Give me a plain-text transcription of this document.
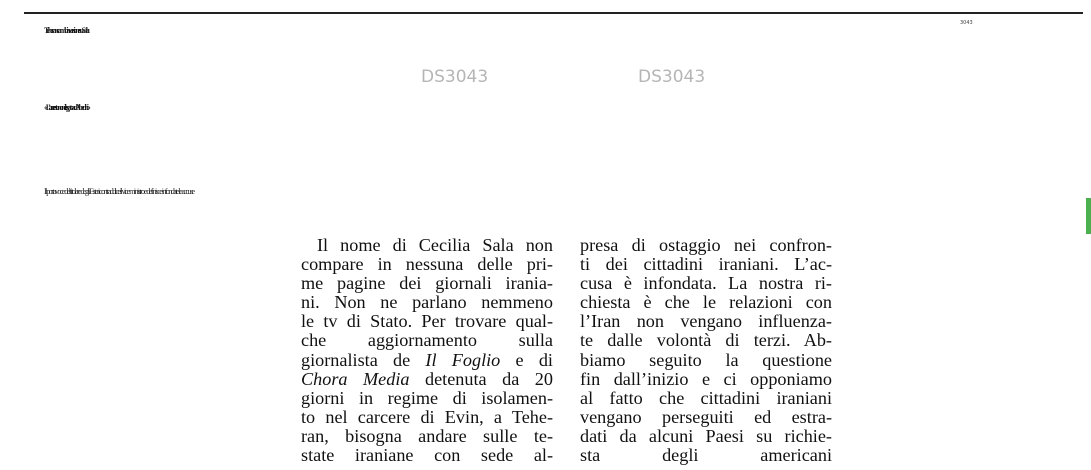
3043
Teheran cambia versione su Sala:
«L’arresto non è legato ad Abedini»
DS3043	DS3043
Il portavoce del titolare degli Esteri contraddice il vice ministro e definisce infondate le accuse
Il nome di Cecilia Sala non
compare in nessuna delle pri-
me pagine dei giornali irania-
ni. Non ne parlano nemmeno
le tv di Stato. Per trovare qual-
che aggiornamento sulla
giornalista de Il Foglio e di
Chora Media detenuta da 20
giorni in regime di isolamen-
to nel carcere di Evin, a Tehe-
ran, bisogna andare sulle te-
state iraniane con sede al-
presa di ostaggio nei confron-
ti dei cittadini iraniani. L’ac-
cusa è infondata. La nostra ri-
chiesta è che le relazioni con
l’Iran non vengano influenza-
te dalle volontà di terzi. Ab-
biamo seguito la questione
fin dall’inizio e ci opponiamo
al fatto che cittadini iraniani
vengano perseguiti ed estra-
dati da alcuni Paesi su richie-
sta degli americani
